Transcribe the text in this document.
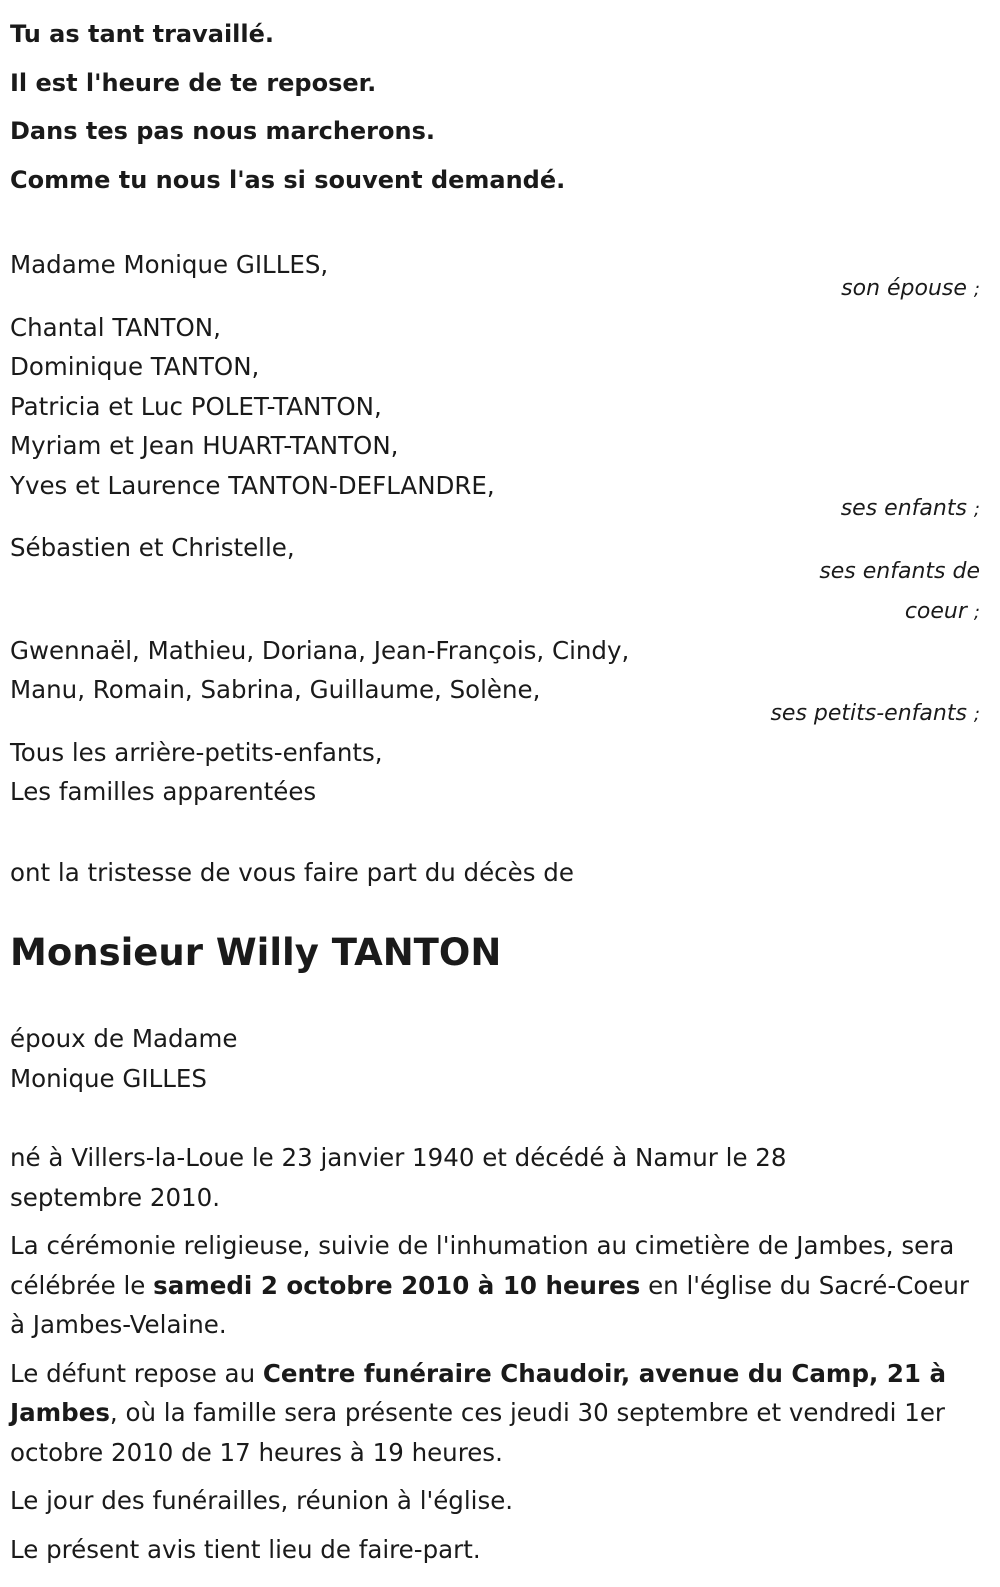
Tu as tant travaillé.
Il est l'heure de te reposer.
Dans tes pas nous marcherons.
Comme tu nous l'as si souvent demandé.
Madame Monique GILLES,
son épouse ;
Chantal TANTON,
Dominique TANTON,
Patricia et Luc POLET-TANTON,
Myriam et Jean HUART-TANTON,
Yves et Laurence TANTON-DEFLANDRE,
ses enfants ;
Sébastien et Christelle,
ses enfants de
coeur ;
Gwennaël, Mathieu, Doriana, Jean-François, Cindy,
Manu, Romain, Sabrina, Guillaume, Solène,
ses petits-enfants ;
Tous les arrière-petits-enfants,
Les familles apparentées
ont la tristesse de vous faire part du décès de
Monsieur Willy TANTON
époux de Madame
Monique GILLES
né à Villers-la-Loue le 23 janvier 1940 et décédé à Namur le 28 septembre 2010.
La cérémonie religieuse, suivie de l'inhumation au cimetière de Jambes, sera célébrée le samedi 2 octobre 2010 à 10 heures en l'église du Sacré-Coeur à Jambes-Velaine.
Le défunt repose au Centre funéraire Chaudoir, avenue du Camp, 21 à Jambes, où la famille sera présente ces jeudi 30 septembre et vendredi 1er octobre 2010 de 17 heures à 19 heures.
Le jour des funérailles, réunion à l'église.
Le présent avis tient lieu de faire-part.
